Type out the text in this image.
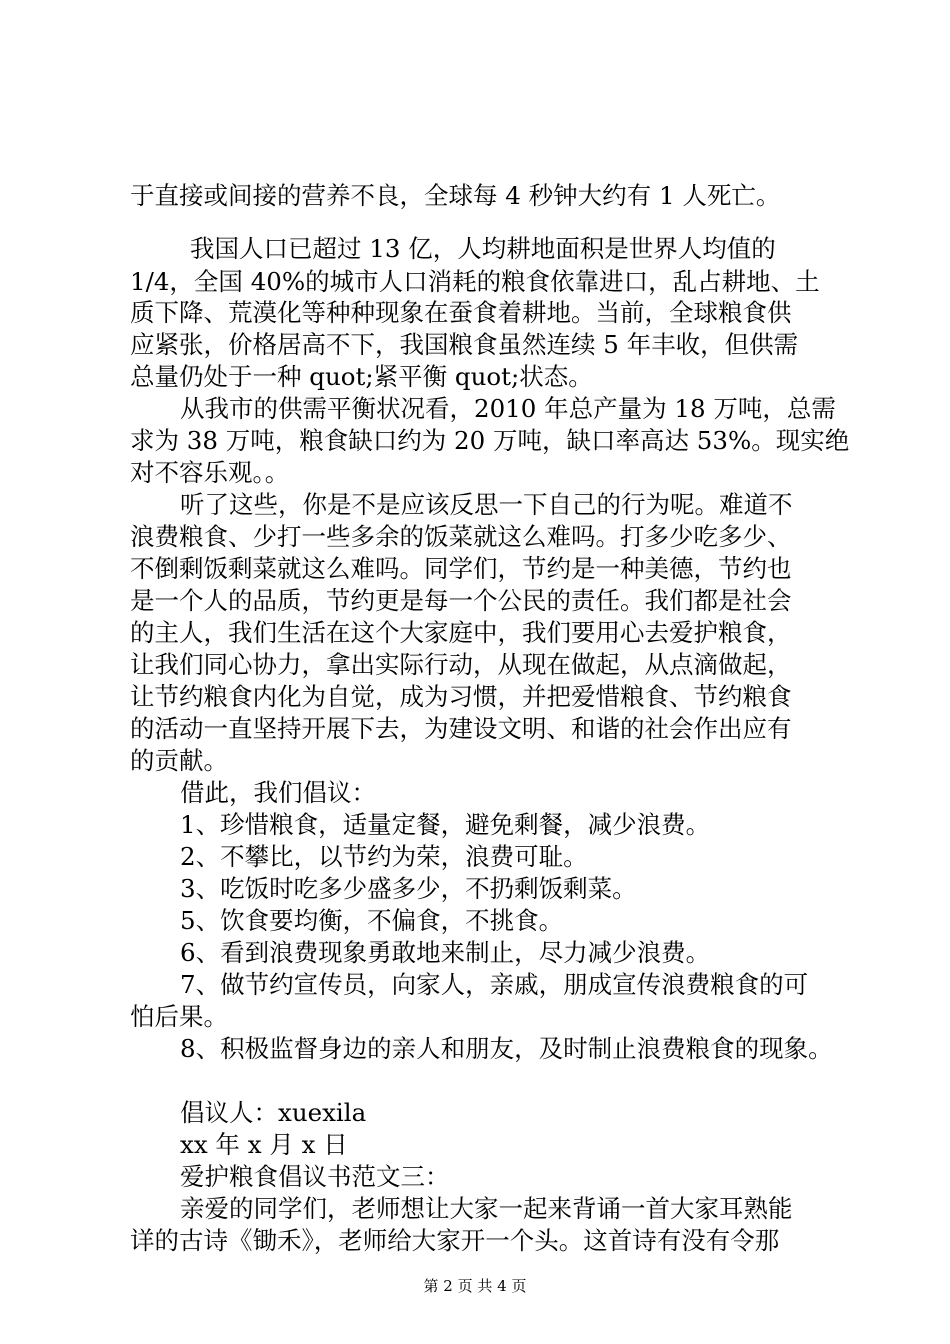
于直接或间接的营养不良，全球每 4 秒钟大约有 1 人死亡。
我国人口已超过 13 亿，人均耕地面积是世界人均值的
1/4，全国 40%的城市人口消耗的粮食依靠进口，乱占耕地、土
质下降、荒漠化等种种现象在蚕食着耕地。当前，全球粮食供
应紧张，价格居高不下，我国粮食虽然连续 5 年丰收，但供需
总量仍处于一种 quot;紧平衡 quot;状态。
从我市的供需平衡状况看，2010 年总产量为 18 万吨，总需
求为 38 万吨，粮食缺口约为 20 万吨，缺口率高达 53%。现实绝
对不容乐观。。
听了这些，你是不是应该反思一下自己的行为呢。难道不
浪费粮食、少打一些多余的饭菜就这么难吗。打多少吃多少、
不倒剩饭剩菜就这么难吗。同学们，节约是一种美德，节约也
是一个人的品质，节约更是每一个公民的责任。我们都是社会
的主人，我们生活在这个大家庭中，我们要用心去爱护粮食，
让我们同心协力，拿出实际行动，从现在做起，从点滴做起，
让节约粮食内化为自觉，成为习惯，并把爱惜粮食、节约粮食
的活动一直坚持开展下去，为建设文明、和谐的社会作出应有
的贡献。
借此，我们倡议：
1、珍惜粮食，适量定餐，避免剩餐，减少浪费。
2、不攀比，以节约为荣，浪费可耻。
3、吃饭时吃多少盛多少，不扔剩饭剩菜。
5、饮食要均衡，不偏食，不挑食。
6、看到浪费现象勇敢地来制止，尽力减少浪费。
7、做节约宣传员，向家人，亲戚，朋成宣传浪费粮食的可
怕后果。
8、积极监督身边的亲人和朋友，及时制止浪费粮食的现象。
倡议人：xuexila
xx 年 x 月 x 日
爱护粮食倡议书范文三：
亲爱的同学们，老师想让大家一起来背诵一首大家耳熟能
详的古诗《锄禾》，老师给大家开一个头。这首诗有没有令那
第 2 页 共 4 页
